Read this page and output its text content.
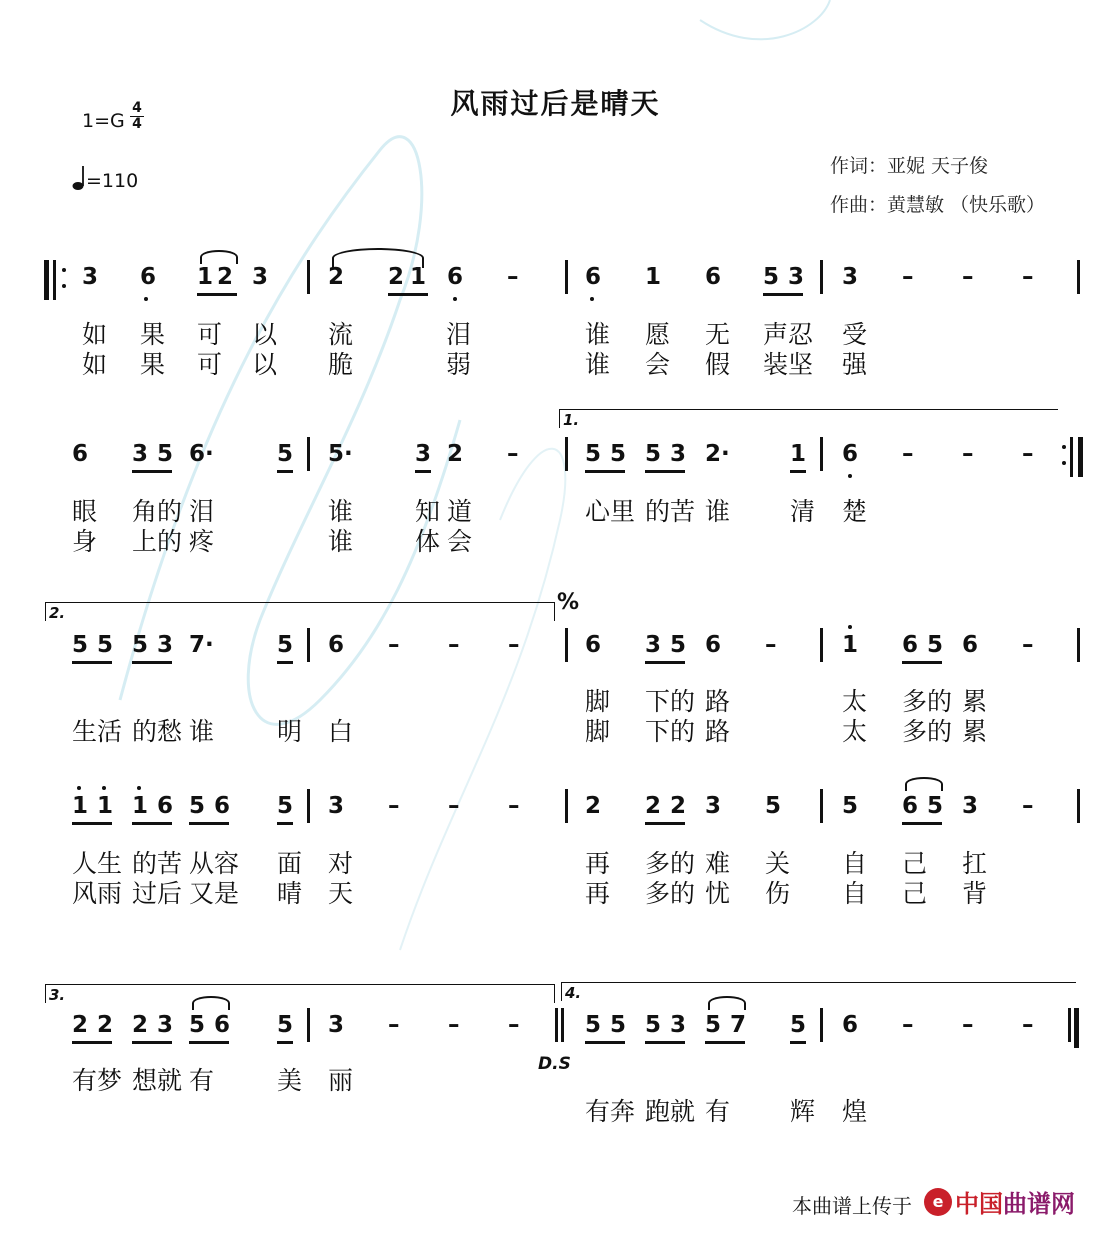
风雨过后是晴天
1=G
4
4
=110
作词：亚妮 天子俊
作曲：黄慧敏 （快乐歌）
3 6 1 2 3	2 2 1 6 –	6 1 6 5 3 3 – – –
6 3 5 6·	5 5·	3 2 –	5 5 5 3 2·	1 6 – – –
1.
5 5 5 3 7·	5 6 – – –	6 3 5 6 –	1 6 5 6 –
2.	%
1 1 1 6 5 6 5 3 – – –	2 2 2 3 5	5 6 5 3 –
2 2 2 3 5 6 5 3 – – –	5 5 5 3 5 7 5 6 – – –
3.	4.
D.S
如 果 可 以 流	泪	谁 愿 无 声 忍 受
如 果 可 以 脆	弱	谁 会 假 装 坚 强
眼 角 的 泪	谁 知 道	心 里 的 苦 谁 清 楚
身 上 的 疼	谁 体 会
脚 下 的 路	太 多 的 累
生 活 的 愁 谁	明 白	脚 下 的 路	太 多 的 累
人 生 的 苦 从 容 面 对	再 多 的 难 关 自 己 扛
风 雨 过 后 又 是 晴 天	再 多 的 忧 伤 自 己 背
有 梦 想 就 有	美 丽
有 奔 跑 就 有 辉 煌
本曲谱上传于	e 中国 曲谱网
